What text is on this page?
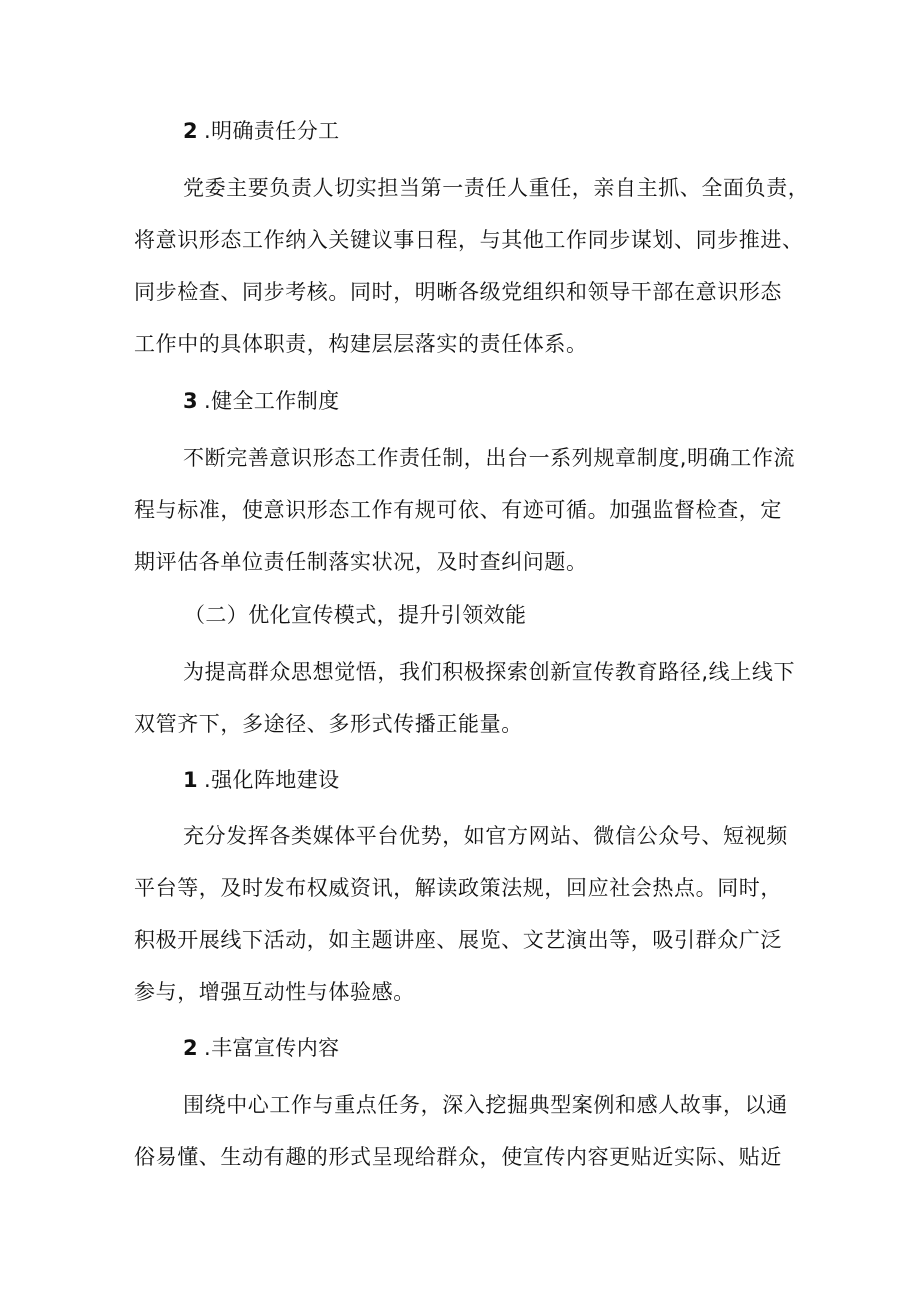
2 .明确责任分工
党委主要负责人切实担当第一责任人重任，亲自主抓、全面负责，
将意识形态工作纳入关键议事日程，与其他工作同步谋划、同步推进、
同步检查、同步考核。同时，明晰各级党组织和领导干部在意识形态
工作中的具体职责，构建层层落实的责任体系。
3 .健全工作制度
不断完善意识形态工作责任制，出台一系列规章制度,明确工作流
程与标准，使意识形态工作有规可依、有迹可循。加强监督检查，定
期评估各单位责任制落实状况，及时查纠问题。
（二）优化宣传模式，提升引领效能
为提高群众思想觉悟，我们积极探索创新宣传教育路径,线上线下
双管齐下，多途径、多形式传播正能量。
1 .强化阵地建设
充分发挥各类媒体平台优势，如官方网站、微信公众号、短视频
平台等，及时发布权威资讯，解读政策法规，回应社会热点。同时，
积极开展线下活动，如主题讲座、展览、文艺演出等，吸引群众广泛
参与，增强互动性与体验感。
2 .丰富宣传内容
围绕中心工作与重点任务，深入挖掘典型案例和感人故事，以通
俗易懂、生动有趣的形式呈现给群众，使宣传内容更贴近实际、贴近
